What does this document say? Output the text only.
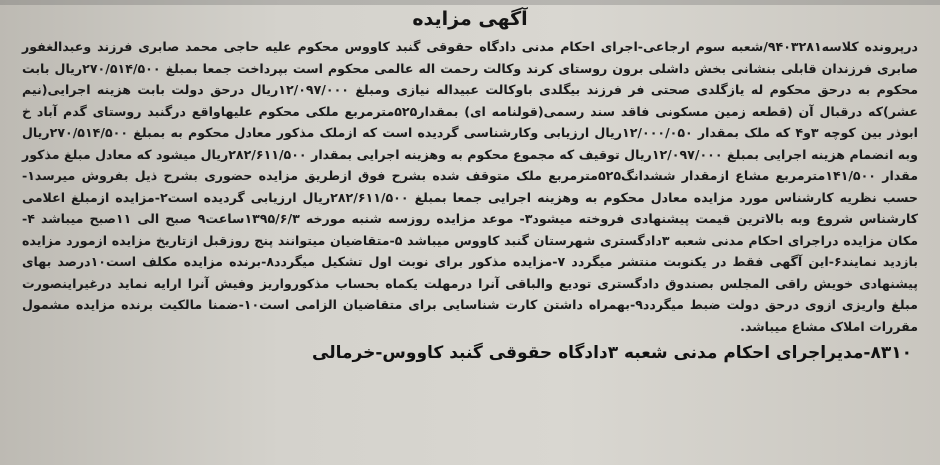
آگهی مزایده
درپرونده کلاسه۹۴۰۳۲۸۱/شعبه سوم ارجاعی-اجرای احکام مدنی دادگاه حقوقی گنبد کاووس محکوم علیه حاجی محمد صابری فرزند وعبدالغفور صابری فرزندان قابلی بنشانی بخش داشلی برون روستای کرند وکالت رحمت اله عالمی محکوم است بپرداخت جمعا بمبلغ ۲۷۰/۵۱۴/۵۰۰ریال بابت محکوم به درحق محکوم له یازگلدی صحتی فر فرزند بیگلدی باوکالت عبیداله نیازی ومبلغ ۱۲/۰۹۷/۰۰۰ریال درحق دولت بابت هزینه اجرایی(نیم عشر)که درقبال آن (قطعه زمین مسکونی فاقد سند رسمی(قولنامه ای) بمقدار۵۲۵مترمربع ملکی محکوم علیهاواقع درگنبد روستای گدم آباد خ ابوذر بین کوچه ۳و۴ که ملک بمقدار ۱۲/۰۰۰/۰۵۰ریال ارزیابی وکارشناسی گردیده است که ازملک مذکور معادل محکوم به بمبلغ ۲۷۰/۵۱۴/۵۰۰ریال وبه انضمام هزینه اجرایی بمبلغ ۱۲/۰۹۷/۰۰۰ریال توقیف که مجموع محکوم به وهزینه اجرایی بمقدار ۲۸۲/۶۱۱/۵۰۰ریال میشود که معادل مبلغ مذکور مقدار ۱۴۱/۵۰۰مترمربع مشاع ازمقدار ششدانگ۵۲۵مترمربع ملک متوقف شده بشرح فوق ازطریق مزایده حضوری بشرح ذیل بفروش میرسد۱- حسب نظریه کارشناس مورد مزایده معادل محکوم به وهزینه اجرایی جمعا بمبلغ ۲۸۲/۶۱۱/۵۰۰ریال ارزیابی گردیده است۲-مزایده ازمبلغ اعلامی کارشناس شروع وبه بالاترین قیمت پیشنهادی فروخته میشود۳- موعد مزایده روزسه شنبه مورخه ۱۳۹۵/۶/۳ساعت۹ صبح الی ۱۱صبح میباشد ۴-مکان مزایده دراجرای احکام مدنی شعبه ۳دادگستری شهرستان گنبد کاووس میباشد ۵-متقاضیان میتوانند پنج روزقبل ازتاریخ مزایده ازمورد مزایده بازدید نمایند۶-این آگهی فقط در یکنوبت منتشر میگردد ۷-مزایده مذکور برای نوبت اول تشکیل میگردد۸-برنده مزایده مکلف است۱۰درصد بهای پیشنهادی خویش راقی المجلس بصندوق دادگستری تودیع والباقی آنرا درمهلت یکماه بحساب مذکورواریز وفیش آنرا ارایه نماید درغیراینصورت مبلغ واریزی ازوی درحق دولت ضبط میگردد۹-بهمراه داشتن کارت شناسایی برای متقاضیان الزامی است۱۰-ضمنا مالکیت برنده مزایده مشمول مقررات املاک مشاع میباشد.
۸۳۱۰-مدیراجرای احکام مدنی شعبه ۳دادگاه حقوقی گنبد کاووس-خرمالی
